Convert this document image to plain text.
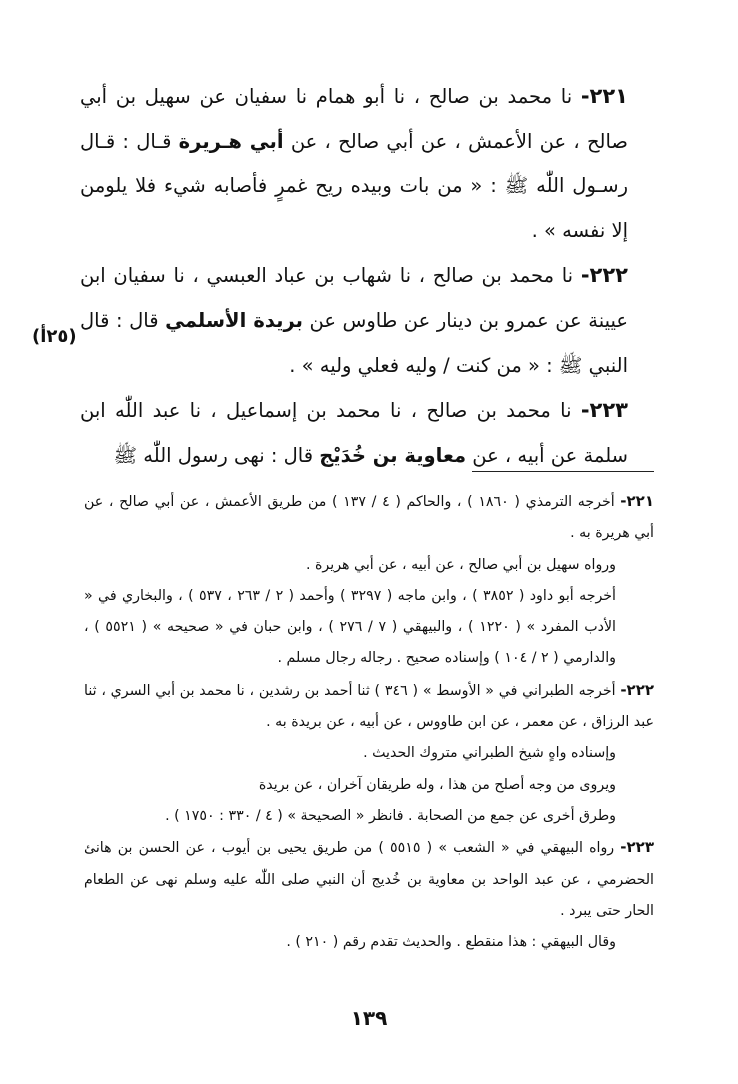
٢٢١- نا محمد بن صالح ، نا أبو همام نا سفيان عن سهيل بن أبي صالح ، عن الأعمش ، عن أبي صالح ، عن أبي هـريرة قـال : قـال رسـول اللّٰه ﷺ : « من بات وبيده ريح غمرٍ فأصابه شيء فلا يلومن إلا نفسه » .

٢٢٢- نا محمد بن صالح ، نا شهاب بن عباد العبسي ، نا سفيان ابن عيينة عن عمرو بن دينار عن طاوس عن بريدة الأسلمي قال : قال النبي ﷺ : « من كنت / وليه فعلي وليه » .

٢٢٣- نا محمد بن صالح ، نا محمد بن إسماعيل ، نا عبد اللّٰه ابن سلمة عن أبيه ، عن معاوية بن خُدَيْج قال : نهى رسول اللّٰه ﷺ

(٢٥أ)

٢٢١- أخرجه الترمذي ( ١٨٦٠ ) ، والحاكم ( ٤ / ١٣٧ ) من طريق الأعمش ، عن أبي صالح ، عن أبي هريرة به .

ورواه سهيل بن أبي صالح ، عن أبيه ، عن أبي هريرة .

أخرجه أبو داود ( ٣٨٥٢ ) ، وابن ماجه ( ٣٢٩٧ ) وأحمد ( ٢ / ٢٦٣ ، ٥٣٧ ) ، والبخاري في « الأدب المفرد » ( ١٢٢٠ ) ، والبيهقي ( ٧ / ٢٧٦ ) ، وابن حبان في « صحيحه » ( ٥٥٢١ ) ، والدارمي ( ٢ / ١٠٤ ) وإسناده صحيح . رجاله رجال مسلم .

٢٢٢- أخرجه الطبراني في « الأوسط » ( ٣٤٦ ) ثنا أحمد بن رشدين ، نا محمد بن أبي السري ، ثنا عبد الرزاق ، عن معمر ، عن ابن طاووس ، عن أبيه ، عن بريدة به .

وإسناده واهٍ شيخ الطبراني متروك الحديث .

ويروى من وجه أصلح من هذا ، وله طريقان آخران ، عن بريدة

وطرق أخرى عن جمع من الصحابة . فانظر « الصحيحة » ( ٤ / ٣٣٠ : ١٧٥٠ ) .

٢٢٣- رواه البيهقي في « الشعب » ( ٥٥١٥ ) من طريق يحيى بن أيوب ، عن الحسن بن هانئ الحضرمي ، عن عبد الواحد بن معاوية بن خُديج أن النبي صلى اللّٰه عليه وسلم نهى عن الطعام الحار حتى يبرد .

وقال البيهقي : هذا منقطع . والحديث تقدم رقم ( ٢١٠ ) .

١٣٩
